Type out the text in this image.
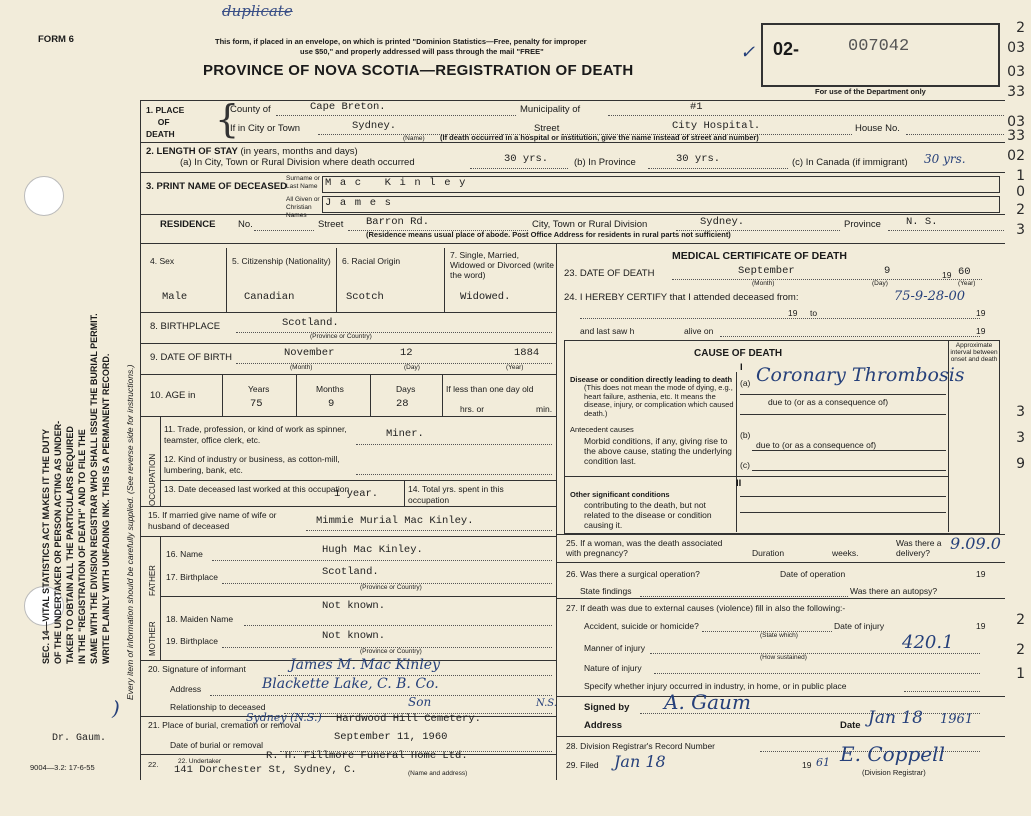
FORM 6
duplicate
This form, if placed in an envelope, on which is printed "Dominion Statistics—Free, penalty for improper
use $50," and properly addressed will pass through the mail "FREE"
PROVINCE OF NOVA SCOTIA—REGISTRATION OF DEATH
02-	007042
For use of the Department only
✓
SEC. 14—VITAL STATISTICS ACT MAKES IT THE DUTY OF THE UNDERTAKER OR PERSON ACTING AS UNDER- TAKER TO OBTAIN ALL THE PARTICULARS REQUIRED IN THE "REGISTRATION OF DEATH" AND TO FILE THE SAME WITH THE DIVISION REGISTRAR WHO SHALL ISSUE THE BURIAL PERMIT. WRITE PLAINLY WITH UNFADING INK. THIS IS A PERMANENT RECORD. Every item of information should be carefully supplied. (See reverse side for instructions.)
)
Dr. Gaum.
9004—3.2: 17-6-55
1. PLACE
OF
DEATH {
County of	Cape Breton.	Municipality of	#1
If in City or Town	Sydney.
(Name)
Street	City Hospital.	House No.
(If death occurred in a hospital or institution, give the name instead of street and number)
2. LENGTH OF STAY (in years, months and days)
(a) In City, Town or Rural Division where death occurred	30 yrs.	(b) In Province	30 yrs.	(c) In Canada (if immigrant) 30 yrs.
3. PRINT NAME OF DECEASED
Surname or Last Name Mac Kinley
All Given or Christian Names
James
RESIDENCE No.	Street Barron Rd.	City, Town or Rural Division	Sydney.	Province N. S.
(Residence means usual place of abode. Post Office Address for residents in rural parts not sufficient)
4. Sex	5. Citizenship (Nationality) 6. Racial Origin
7. Single, Married, Widowed or Divorced (write the word)
Male	Canadian	Scotch	Widowed.
8. BIRTHPLACE	Scotland.
(Province or Country)
9. DATE OF BIRTH	November	12	1884
(Month)	(Day)	(Year)
10. AGE in
Years	Months	Days
75	9	28
If less than one day old
hrs. or	min.
OCCUPATION
11. Trade, profession, or kind of work as spinner, teamster, office clerk, etc.	Miner.
12. Kind of industry or business, as cotton-mill, lumbering, bank, etc.
13. Date deceased last worked at this occupation
1 year.	14. Total yrs. spent in this occupation
15. If married give name of wife or husband of deceased	Mimmie Murial Mac Kinley.
FATHER
16. Name	Hugh Mac Kinley.
17. Birthplace	Scotland.
(Province or Country)
MOTHER
18. Maiden Name
Not known.
19. Birthplace	Not known.
(Province or Country)
20. Signature of informant	James M. Mac Kinley
Address	Blackette Lake, C. B. Co.
N.S.
Relationship to deceased	Son
21. Place of burial, cremation or removal
Sydney (N.S.) Hardwood Hill Cemetery.
Date of burial or removal
September 11, 1960
22.	22. Undertaker	R. H. Fillmore Funeral Home Ltd.
141 Dorchester St, Sydney, C.	(Name and address)
MEDICAL CERTIFICATE OF DEATH
23. DATE OF DEATH	September	9	19 60
(Month)	(Day)	(Year)
24. I HEREBY CERTIFY that I attended deceased from:	75-9-28-00
19 to	19
and last saw h	alive on	19
CAUSE OF DEATH
Approximate interval between onset and death
I
Disease or condition directly leading to death
(This does not mean the mode of dying, e.g., heart failure, asthenia, etc. It means the disease, injury, or complication which caused death.)
(a) Coronary Thrombosis
due to (or as a consequence of)
Antecedent causes
Morbid conditions, if any, giving rise to the above cause, stating the underlying condition last.
(b)
due to (or as a consequence of)
(c)
II
Other significant conditions
contributing to the death, but not related to the disease or condition causing it.
25. If a woman, was the death associated with pregnancy?	Duration	weeks.
Was there a delivery?	9.09.0
26. Was there a surgical operation?	Date of operation	19
State findings	Was there an autopsy?
27. If death was due to external causes (violence) fill in also the following:-
Accident, suicide or homicide?	Date of injury	19
(State which)
Manner of injury	420.1
(How sustained)
Nature of injury
Specify whether injury occurred in industry, in home, or in public place
Signed by A. Gaum
Address	Date Jan 18 1961
28. Division Registrar's Record Number
29. Filed Jan 18	19 61 E. Coppell
(Division Registrar)
2
03
03
33
03
33
02
1
0
2
3
3
3
9
2
2
1
